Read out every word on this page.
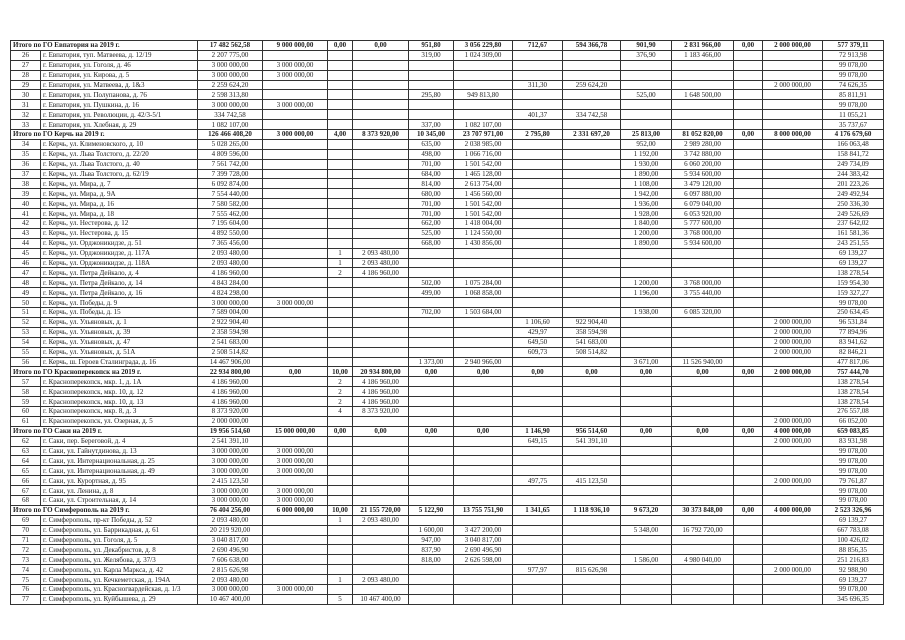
Итого по ГО Евпатория на 2019 г.		17 482 562,58	9 000 000,00	0,00	0,00	951,80	3 056 229,80	712,67	594 366,78	901,90	2 831 966,00	0,00	2 000 000,00	577 379,11
26	г. Евпатория, туп. Матвеева, д. 12/19	2 207 775,00				319,00	1 024 309,00			376,90	1 183 466,00			72 913,98
27	г. Евпатория, ул. Гоголя, д. 46	3 000 000,00	3 000 000,00											99 078,00
28	г. Евпатория, ул. Кирова, д. 5	3 000 000,00	3 000 000,00											99 078,00
29	г. Евпатория, ул. Матвеева, д. 1&3	2 259 624,20						311,30	259 624,20				2 000 000,00	74 626,35
30	г. Евпатория, ул. Полупанова, д. 76	2 598 313,80				295,80	949 813,80			525,00	1 648 500,00			85 811,91
31	г. Евпатория, ул. Пушкина, д. 16	3 000 000,00	3 000 000,00											99 078,00
32	г. Евпатория, ул. Революции, д. 42/3-5/1	334 742,58						401,37	334 742,58					11 055,21
33	г. Евпатория, ул. Хлебная, д. 29	1 082 107,00				337,00	1 082 107,00							35 737,67
Итого по ГО Керчь на 2019 г.		126 466 408,20	3 000 000,00	4,00	8 373 920,00	10 345,00	23 707 971,00	2 795,80	2 331 697,20	25 813,00	81 052 820,00	0,00	8 000 000,00	4 176 679,60
34	г. Керчь, ул. Клименовского, д. 10	5 028 265,00				635,00	2 038 985,00			952,00	2 989 280,00			166 063,48
35	г. Керчь, ул. Льва Толстого, д. 22/20	4 809 596,00				498,00	1 066 716,00			1 192,00	3 742 880,00			158 841,72
36	г. Керчь, ул. Льва Толстого, д. 40	7 561 742,00				701,00	1 501 542,00			1 930,00	6 060 200,00			249 734,09
37	г. Керчь, ул. Льва Толстого, д. 62/19	7 399 728,00				684,00	1 465 128,00			1 890,00	5 934 600,00			244 383,42
38	г. Керчь, ул. Мира, д. 7	6 092 874,00				814,00	2 613 754,00			1 108,00	3 479 120,00			201 223,26
39	г. Керчь, ул. Мира, д. 9А	7 554 440,00				680,00	1 456 560,00			1 942,00	6 097 880,00			249 492,94
40	г. Керчь, ул. Мира, д. 16	7 580 582,00				701,00	1 501 542,00			1 936,00	6 079 040,00			250 336,30
41	г. Керчь, ул. Мира, д. 18	7 555 462,00				701,00	1 501 542,00			1 928,00	6 053 920,00			249 526,69
42	г. Керчь, ул. Нестерова, д. 12	7 195 604,00				662,00	1 418 004,00			1 840,00	5 777 600,00			237 642,02
43	г. Керчь, ул. Нестерова, д. 15	4 892 550,00				525,00	1 124 550,00			1 200,00	3 768 000,00			161 581,36
44	г. Керчь, ул. Орджоникидзе, д. 51	7 365 456,00				668,00	1 430 856,00			1 890,00	5 934 600,00			243 251,55
45	г. Керчь, ул. Орджоникидзе, д. 117А	2 093 480,00		1	2 093 480,00									69 139,27
46	г. Керчь, ул. Орджоникидзе, д. 118А	2 093 480,00		1	2 093 480,00									69 139,27
47	г. Керчь, ул. Петра Дейкало, д. 4	4 186 960,00		2	4 186 960,00									138 278,54
48	г. Керчь, ул. Петра Дейкало, д. 14	4 843 284,00				502,00	1 075 284,00			1 200,00	3 768 000,00			159 954,30
49	г. Керчь, ул. Петра Дейкало, д. 16	4 824 298,00				499,00	1 068 858,00			1 196,00	3 755 440,00			159 327,27
50	г. Керчь, ул. Победы, д. 9	3 000 000,00	3 000 000,00											99 078,00
51	г. Керчь, ул. Победы, д. 15	7 589 004,00				702,00	1 503 684,00			1 938,00	6 085 320,00			250 634,45
52	г. Керчь, ул. Ульяновых, д. 1	2 922 904,40						1 106,60	922 904,40				2 000 000,00	96 531,84
53	г. Керчь, ул. Ульяновых, д. 39	2 358 594,98						429,97	358 594,98				2 000 000,00	77 894,96
54	г. Керчь, ул. Ульяновых, д. 47	2 541 683,00						649,50	541 683,00				2 000 000,00	83 941,62
55	г. Керчь, ул. Ульяновых, д. 51А	2 508 514,82						609,73	508 514,82				2 000 000,00	82 846,21
56	г. Керчь, ш. Героев Сталинграда, д. 16	14 467 906,00				1 373,00	2 940 966,00			3 671,00	11 526 940,00			477 817,06
Итого по ГО Красноперекопск на 2019 г.		22 934 800,00	0,00	10,00	20 934 800,00	0,00	0,00	0,00	0,00	0,00	0,00	0,00	2 000 000,00	757 444,70
57	г. Красноперекопск, мкр. 1, д. 1А	4 186 960,00		2	4 186 960,00									138 278,54
58	г. Красноперекопск, мкр. 10, д. 12	4 186 960,00		2	4 186 960,00									138 278,54
59	г. Красноперекопск, мкр. 10, д. 13	4 186 960,00		2	4 186 960,00									138 278,54
60	г. Красноперекопск, мкр. 8, д. 3	8 373 920,00		4	8 373 920,00									276 557,08
61	г. Красноперекопск, ул. Озерная, д. 5	2 000 000,00											2 000 000,00	66 052,00
Итого по ГО Саки на 2019 г.		19 956 514,60	15 000 000,00	0,00	0,00	0,00	0,00	1 146,90	956 514,60	0,00	0,00	0,00	4 000 000,00	659 083,85
62	г. Саки, пер. Береговой, д. 4	2 541 391,10						649,15	541 391,10				2 000 000,00	83 931,98
63	г. Саки, ул. Гайнутдинова, д. 13	3 000 000,00	3 000 000,00											99 078,00
64	г. Саки, ул. Интернациональная, д. 25	3 000 000,00	3 000 000,00											99 078,00
65	г. Саки, ул. Интернациональная, д. 49	3 000 000,00	3 000 000,00											99 078,00
66	г. Саки, ул. Курортная, д. 95	2 415 123,50						497,75	415 123,50				2 000 000,00	79 761,87
67	г. Саки, ул. Ленина, д. 8	3 000 000,00	3 000 000,00											99 078,00
68	г. Саки, ул. Строительная, д. 14	3 000 000,00	3 000 000,00											99 078,00
Итого по ГО Симферополь на 2019 г.		76 404 256,00	6 000 000,00	10,00	21 155 720,00	5 122,90	13 755 751,90	1 341,65	1 118 936,10	9 673,20	30 373 848,00	0,00	4 000 000,00	2 523 326,96
69	г. Симферополь, пр-кт Победы, д. 52	2 093 480,00		1	2 093 480,00									69 139,27
70	г. Симферополь, ул. Баррикадная, д. 61	20 219 920,00				1 600,00	3 427 200,00			5 348,00	16 792 720,00			667 783,08
71	г. Симферополь, ул. Гоголя, д. 5	3 040 817,00				947,00	3 040 817,00							100 426,02
72	г. Симферополь, ул. Декабристов, д. 8	2 690 496,90				837,90	2 690 496,90							88 856,35
73	г. Симферополь, ул. Желябова, д. 37/3	7 606 638,00				818,00	2 626 598,00			1 586,00	4 980 040,00			251 216,83
74	г. Симферополь, ул. Карла Маркса, д. 42	2 815 626,98						977,97	815 626,98				2 000 000,00	92 988,90
75	г. Симферополь, ул. Кечкеметская, д. 194А	2 093 480,00		1	2 093 480,00									69 139,27
76	г. Симферополь, ул. Красногвардейская, д. 1/3	3 000 000,00	3 000 000,00											99 078,00
77	г. Симферополь, ул. Куйбышева, д. 29	10 467 400,00		5	10 467 400,00									345 696,35
